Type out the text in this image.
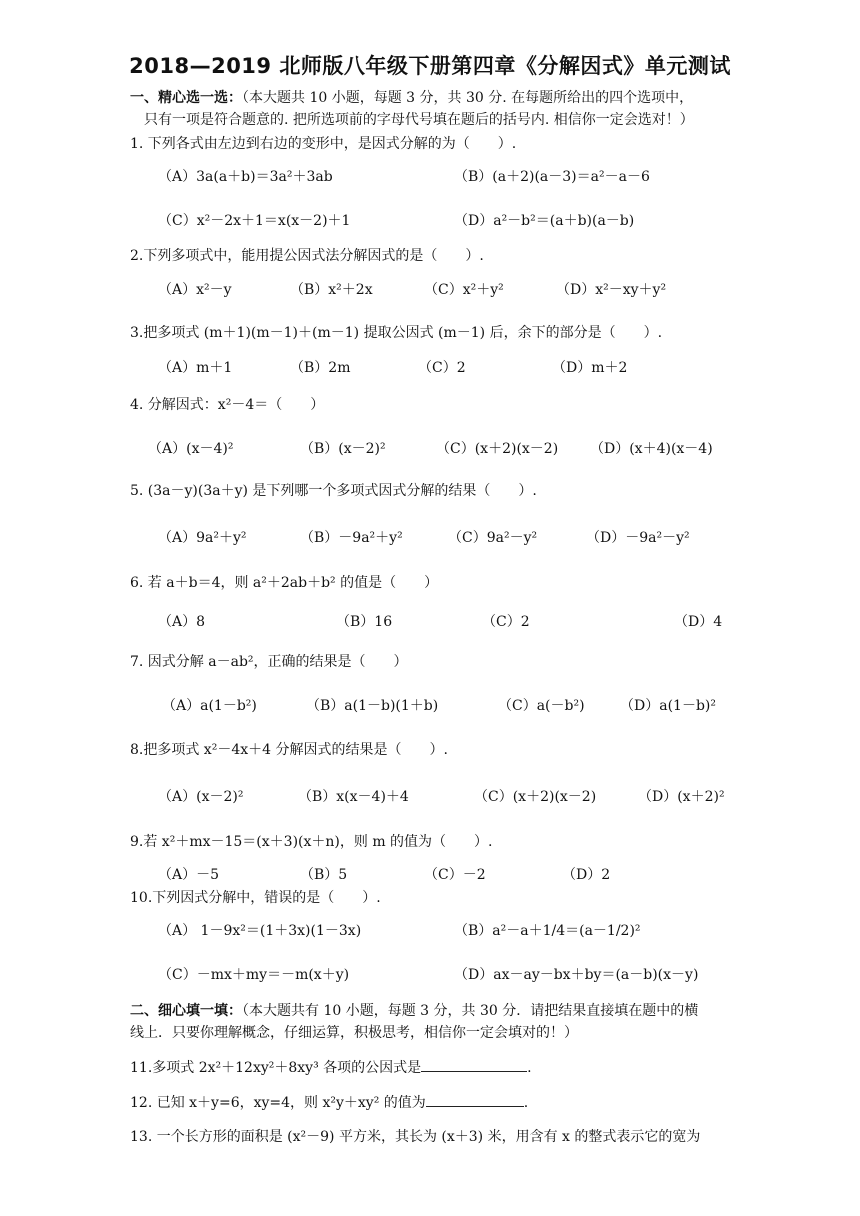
2018—2019 北师版八年级下册第四章《分解因式》单元测试
一、精心选一选：（本大题共 10 小题，每题 3 分，共 30 分. 在每题所给出的四个选项中，
只有一项是符合题意的. 把所选项前的字母代号填在题后的括号内. 相信你一定会选对！）
1. 下列各式由左边到右边的变形中，是因式分解的为（　　）.
（A）3a(a＋b)＝3a²＋3ab	（B）(a＋2)(a－3)＝a²－a－6
（C）x²－2x＋1＝x(x－2)＋1	（D）a²－b²＝(a＋b)(a－b)
2.下列多项式中，能用提公因式法分解因式的是（　　）.
（A）x²－y	（B）x²＋2x	（C）x²＋y²	（D）x²－xy＋y²
3.把多项式 (m＋1)(m－1)＋(m－1) 提取公因式 (m－1) 后，余下的部分是（　　）.
（A）m＋1	（B）2m	（C）2	（D）m＋2
4. 分解因式：x²－4＝（　　）
（A）(x－4)²	（B）(x－2)²	（C）(x＋2)(x－2) （D）(x＋4)(x－4)
5. (3a－y)(3a＋y) 是下列哪一个多项式因式分解的结果（　　）.
（A）9a²＋y²	（B）－9a²＋y²	（C）9a²－y²	（D）－9a²－y²
6. 若 a＋b＝4，则 a²＋2ab＋b² 的值是（　　）
（A）8	（B）16	（C）2	（D）4
7. 因式分解 a－ab²，正确的结果是（　　）
（A）a(1－b²)	（B）a(1－b)(1＋b)	（C）a(－b²)	（D）a(1－b)²
8.把多项式 x²－4x＋4 分解因式的结果是（　　）.
（A）(x－2)²	（B）x(x－4)＋4	（C）(x＋2)(x－2)	（D）(x＋2)²
9.若 x²＋mx－15＝(x＋3)(x＋n)，则 m 的值为（　　）.
（A）－5	（B）5	（C）－2	（D）2
10.下列因式分解中，错误的是（　　）.
（A） 1－9x²＝(1＋3x)(1－3x)	（B）a²－a＋1/4＝(a－1/2)²
（C）－mx＋my＝－m(x＋y)	（D）ax－ay－bx＋by＝(a－b)(x－y)
二、细心填一填：（本大题共有 10 小题，每题 3 分，共 30 分．请把结果直接填在题中的横
线上．只要你理解概念，仔细运算，积极思考，相信你一定会填对的！）
11.多项式 2x²＋12xy²＋8xy³ 各项的公因式是	.
12. 已知 x＋y=6，xy=4，则 x²y＋xy² 的值为	.
13. 一个长方形的面积是 (x²－9) 平方米，其长为 (x＋3) 米，用含有 x 的整式表示它的宽为
